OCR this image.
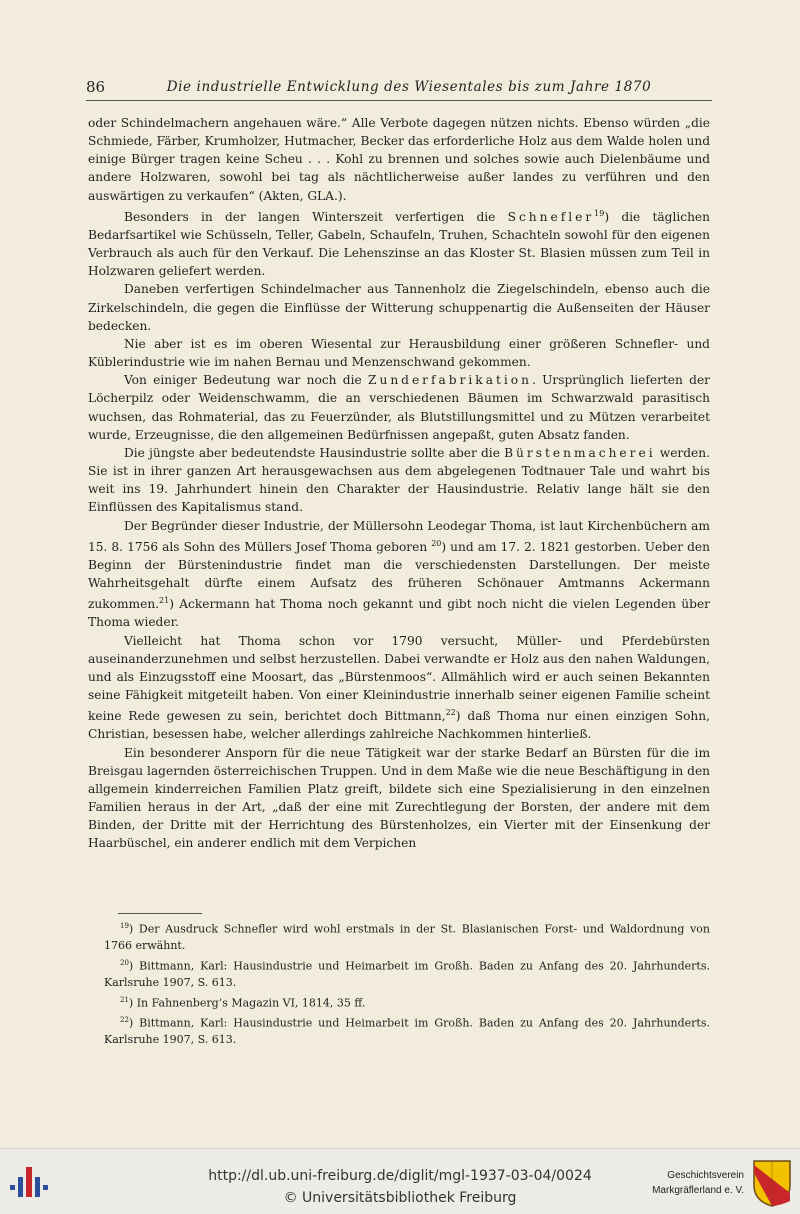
86	Die industrielle Entwicklung des Wiesentales bis zum Jahre 1870

oder Schindelmachern angehauen wäre.“ Alle Verbote dagegen nützen nichts. Ebenso würden „die Schmiede, Färber, Krumholzer, Hutmacher, Becker das erforderliche Holz aus dem Walde holen und einige Bürger tragen keine Scheu . . . Kohl zu brennen und solches sowie auch Dielenbäume und andere Holzwaren, sowohl bei tag als nächtlicherweise außer landes zu verführen und den auswärtigen zu verkaufen“ (Akten, GLA.).

Besonders in der langen Winterszeit verfertigen die Schnefler$^{19}$) die täglichen Bedarfsartikel wie Schüsseln, Teller, Gabeln, Schaufeln, Truhen, Schachteln sowohl für den eigenen Verbrauch als auch für den Verkauf. Die Lehenszinse an das Kloster St. Blasien müssen zum Teil in Holzwaren geliefert werden.

Daneben verfertigen Schindelmacher aus Tannenholz die Ziegelschindeln, ebenso auch die Zirkelschindeln, die gegen die Einflüsse der Witterung schuppenartig die Außenseiten der Häuser bedecken.

Nie aber ist es im oberen Wiesental zur Herausbildung einer größeren Schnefler- und Küblerindustrie wie im nahen Bernau und Menzenschwand gekommen.

Von einiger Bedeutung war noch die Zunderfabrikation. Ursprünglich lieferten der Löcherpilz oder Weidenschwamm, die an verschiedenen Bäumen im Schwarzwald parasitisch wuchsen, das Rohmaterial, das zu Feuerzünder, als Blutstillungsmittel und zu Mützen verarbeitet wurde, Erzeugnisse, die den allgemeinen Bedürfnissen angepaßt, guten Absatz fanden.

Die jüngste aber bedeutendste Hausindustrie sollte aber die Bürstenmacherei werden. Sie ist in ihrer ganzen Art herausgewachsen aus dem abgelegenen Todtnauer Tale und wahrt bis weit ins 19. Jahrhundert hinein den Charakter der Hausindustrie. Relativ lange hält sie den Einflüssen des Kapitalismus stand.

Der Begründer dieser Industrie, der Müllersohn Leodegar Thoma, ist laut Kirchenbüchern am 15. 8. 1756 als Sohn des Müllers Josef Thoma geboren $^{20}$) und am 17. 2. 1821 gestorben. Ueber den Beginn der Bürstenindustrie findet man die verschiedensten Darstellungen. Der meiste Wahrheitsgehalt dürfte einem Aufsatz des früheren Schönauer Amtmanns Ackermann zukommen.$^{21}$) Ackermann hat Thoma noch gekannt und gibt noch nicht die vielen Legenden über Thoma wieder.

Vielleicht hat Thoma schon vor 1790 versucht, Müller- und Pferdebürsten auseinanderzunehmen und selbst herzustellen. Dabei verwandte er Holz aus den nahen Waldungen, und als Einzugsstoff eine Moosart, das „Bürstenmoos“. Allmählich wird er auch seinen Bekannten seine Fähigkeit mitgeteilt haben. Von einer Kleinindustrie innerhalb seiner eigenen Familie scheint keine Rede gewesen zu sein, berichtet doch Bittmann,$^{22}$) daß Thoma nur einen einzigen Sohn, Christian, besessen habe, welcher allerdings zahlreiche Nachkommen hinterließ.

Ein besonderer Ansporn für die neue Tätigkeit war der starke Bedarf an Bürsten für die im Breisgau lagernden österreichischen Truppen. Und in dem Maße wie die neue Beschäftigung in den allgemein kinderreichen Familien Platz greift, bildete sich eine Spezialisierung in den einzelnen Familien heraus in der Art, „daß der eine mit Zurechtlegung der Borsten, der andere mit dem Binden, der Dritte mit der Herrichtung des Bürstenholzes, ein Vierter mit der Einsenkung der Haarbüschel, ein anderer endlich mit dem Verpichen

$^{19}$) Der Ausdruck Schnefler wird wohl erstmals in der St. Blasianischen Forst- und Waldordnung von 1766 erwähnt.

$^{20}$) Bittmann, Karl: Hausindustrie und Heimarbeit im Großh. Baden zu Anfang des 20. Jahrhunderts. Karlsruhe 1907, S. 613.

$^{21}$) In Fahnenberg’s Magazin VI, 1814, 35 ff.

$^{22}$) Bittmann, Karl: Hausindustrie und Heimarbeit im Großh. Baden zu Anfang des 20. Jahrhunderts. Karlsruhe 1907, S. 613.

http://dl.ub.uni-freiburg.de/diglit/mgl-1937-03-04/0024
© Universitätsbibliothek Freiburg
Geschichtsverein
Markgräflerland e. V.
